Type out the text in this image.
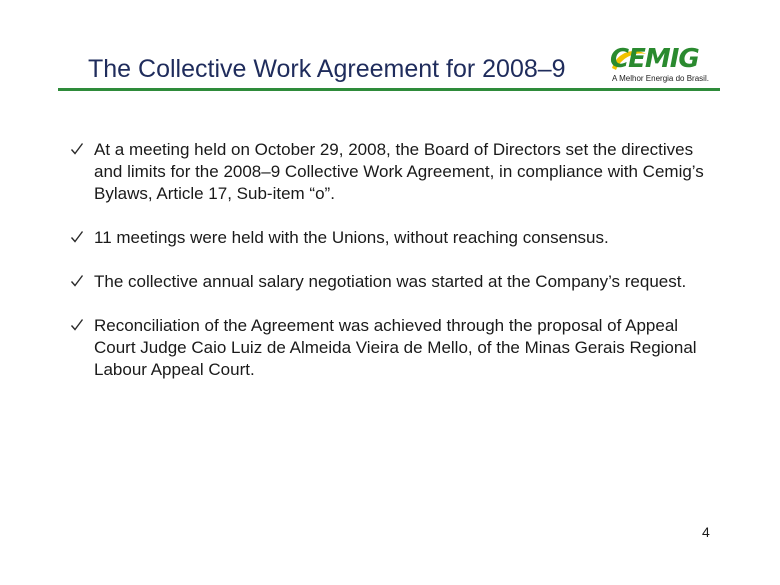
The Collective Work Agreement for 2008–9 CEMIG
A Melhor Energia do Brasil.
At a meeting held on October 29, 2008, the Board of Directors set the directives and limits for the 2008–9 Collective Work Agreement, in compliance with Cemig’s Bylaws, Article 17, Sub-item “o”.
11 meetings were held with the Unions, without reaching consensus.
The collective annual salary negotiation was started at the Company’s request.
Reconciliation of the Agreement was achieved through the proposal of Appeal Court Judge Caio Luiz de Almeida Vieira de Mello, of the Minas Gerais Regional Labour Appeal Court.
4
